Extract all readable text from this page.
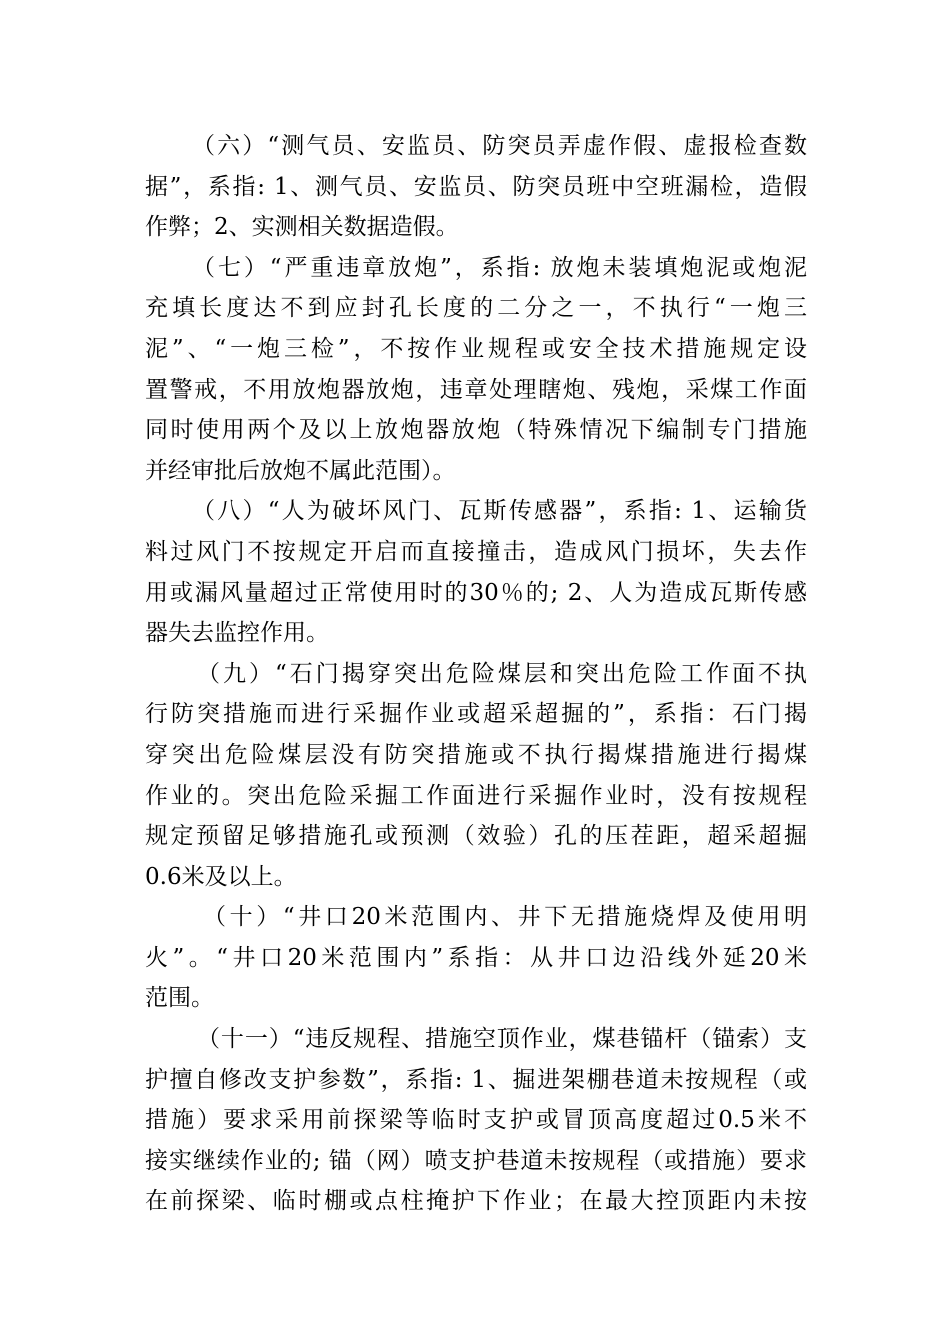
（六）“测气员、安监员、防突员弄虚作假、虚报检查数
据”，系指: 1、测气员、安监员、防突员班中空班漏检，造假
作弊；2、实测相关数据造假。
（七）“严重违章放炮”，系指: 放炮未装填炮泥或炮泥
充填长度达不到应封孔长度的二分之一，不执行“一炮三
泥”、“一炮三检”，不按作业规程或安全技术措施规定设
置警戒，不用放炮器放炮，违章处理瞎炮、残炮，采煤工作面
同时使用两个及以上放炮器放炮（特殊情况下编制专门措施
并经审批后放炮不属此范围）。
（八）“人为破坏风门、瓦斯传感器”，系指: 1、运输货
料过风门不按规定开启而直接撞击，造成风门损坏，失去作
用或漏风量超过正常使用时的30％的; 2、人为造成瓦斯传感
器失去监控作用。
（九）“石门揭穿突出危险煤层和突出危险工作面不执
行防突措施而进行采掘作业或超采超掘的”，系指：石门揭
穿突出危险煤层没有防突措施或不执行揭煤措施进行揭煤
作业的。突出危险采掘工作面进行采掘作业时，没有按规程
规定预留足够措施孔或预测（效验）孔的压茬距，超采超掘
0.6米及以上。
（十）“井口20米范围内、井下无措施烧焊及使用明
火”。“井口20米范围内”系指：从井口边沿线外延20米
范围。
（十一）“违反规程、措施空顶作业，煤巷锚杆（锚索）支
护擅自修改支护参数”，系指: 1、掘进架棚巷道未按规程（或
措施）要求采用前探梁等临时支护或冒顶高度超过0.5米不
接实继续作业的; 锚（网）喷支护巷道未按规程（或措施）要求
在前探梁、临时棚或点柱掩护下作业；在最大控顶距内未按
